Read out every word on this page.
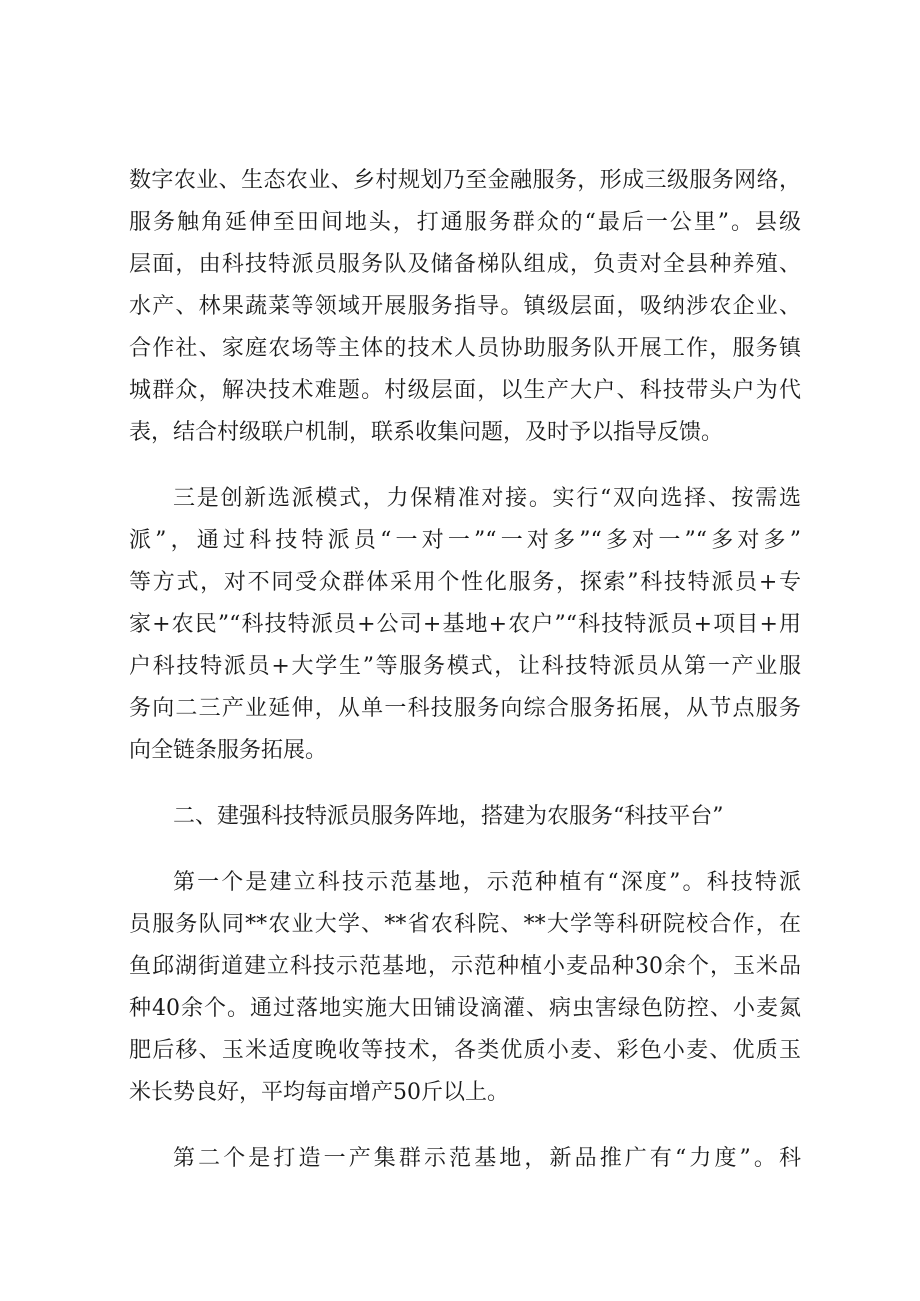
数字农业、生态农业、乡村规划乃至金融服务，形成三级服务网络，
服务触角延伸至田间地头，打通服务群众的“最后一公里”。县级
层面，由科技特派员服务队及储备梯队组成，负责对全县种养殖、
水产、林果蔬菜等领域开展服务指导。镇级层面，吸纳涉农企业、
合作社、家庭农场等主体的技术人员协助服务队开展工作，服务镇
城群众，解决技术难题。村级层面，以生产大户、科技带头户为代
表，结合村级联户机制，联系收集问题，及时予以指导反馈。
三是创新选派模式，力保精准对接。实行“双向选择、按需选
派”，通过科技特派员“一对一”“一对多”“多对一”“多对多”
等方式，对不同受众群体采用个性化服务，探索”科技特派员+专
家+农民”“科技特派员+公司+基地+农户”“科技特派员+项目+用
户科技特派员+大学生”等服务模式，让科技特派员从第一产业服
务向二三产业延伸，从单一科技服务向综合服务拓展，从节点服务
向全链条服务拓展。
二、建强科技特派员服务阵地，搭建为农服务“科技平台”
第一个是建立科技示范基地，示范种植有“深度”。科技特派
员服务队同**农业大学、**省农科院、**大学等科研院校合作，在
鱼邱湖街道建立科技示范基地，示范种植小麦品种30余个，玉米品
种40余个。通过落地实施大田铺设滴灌、病虫害绿色防控、小麦氮
肥后移、玉米适度晚收等技术，各类优质小麦、彩色小麦、优质玉
米长势良好，平均每亩增产50斤以上。
第二个是打造一产集群示范基地，新品推广有“力度”。科
